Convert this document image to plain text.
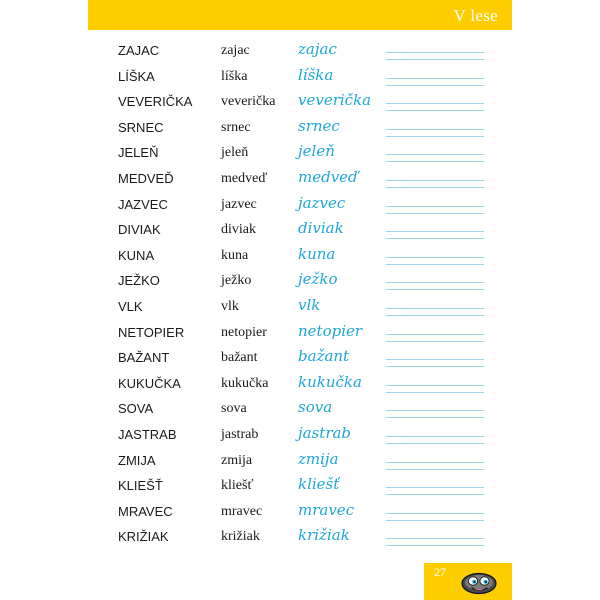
V lese
ZAJAC	zajac	zajac
LÍŠKA	líška	líška
VEVERIČKA veverička veverička
SRNEC	srnec	srnec
JELEŇ	jeleň	jeleň
MEDVEĎ	medveď medveď
JAZVEC	jazvec	jazvec
DIVIAK	diviak	diviak
KUNA	kuna	kuna
JEŽKO	ježko	ježko
VLK	vlk	vlk
NETOPIER	netopier netopier
BAŽANT	bažant	bažant
KUKUČKA	kukučka kukučka
SOVA	sova	sova
JASTRAB	jastrab	jastrab
ZMIJA	zmija	zmija
KLIEŠŤ	kliešť	kliešť
MRAVEC	mravec mravec
KRIŽIAK	križiak	križiak
27
